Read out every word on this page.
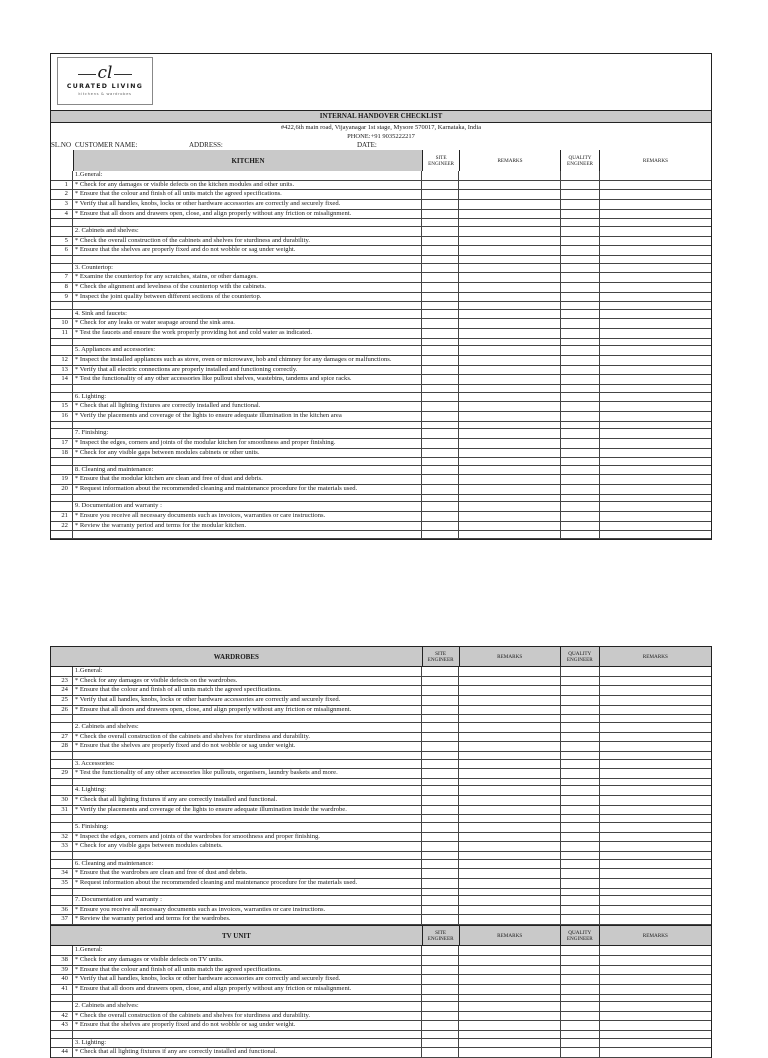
cl
CURATED LIVING
kitchens & wardrobes
INTERNAL HANDOVER CHECKLIST
#422,6th main road, Vijayanagar 1st stage, Mysore 570017, Karnataka, India
PHONE:+91 9035222217
SL.NO CUSTOMER NAME:	ADDRESS:	DATE:
KITCHEN	SITE ENGINEER	REMARKS	QUALITY ENGINEER	REMARKS
1.General:
1	* Check for any damages or visible defects on the kitchen modules and other units.
2	* Ensure that the colour and finish of all units match the agreed specifications.
3	* Verify that all handles, knobs, locks or other hardware accessories are correctly and securely fixed.
4	* Ensure that all doors and drawers open, close, and align properly without any friction or misalignment.
2. Cabinets and shelves:
5	* Check the overall construction of the cabinets and shelves for sturdiness and durability.
6	* Ensure that the shelves are properly fixed and do not wobble or sag under weight.
3. Countertop:
7	* Examine the countertop for any scratches, stains, or other damages.
8	* Check the alignment and levelness of the countertop with the cabinets.
9	* Inspect the joint quality between different sections of the countertop.
4. Sink and faucets:
10	* Check for any leaks or water seapage around the sink area.
11	* Test the faucets and ensure the work properly providing hot and cold water as indicated.
5. Appliances and accessories:
12	* Inspect the installed appliances such as stove, oven or microwave, hob and chimney for any damages or malfunctions.
13	* Verify that all electric connections are properly installed and functioning correctly.
14	* Test the functionality of any other accessories like pullout shelves, wastebins, tandems and spice racks.
6. Lighting:
15	* Check that all lighting fixtures are correctly installed and functional.
16	* Verify the placements and coverage of the lights to ensure adequate illumination in the kitchen area
7. Finishing:
17	* Inspect the edges, corners and joints of the modular kitchen for smoothness and proper finishing.
18	* Check for any visible gaps between modules cabinets or other units.
8. Cleaning and maintenance:
19	* Ensure that the modular kitchen are clean and free of dust and debris.
20	* Request information about the recommended cleaning and maintenance procedure for the materials used.
9. Documentation and warranty :
21	* Ensure you receive all necessary documents such as invoices, warranties or care instructions.
22	* Review the warranty period and terms for the modular kitchen.
WARDROBES	SITE ENGINEER	REMARKS	QUALITY ENGINEER	REMARKS
1.General:
23	* Check for any damages or visible defects on the wardrobes.
24	* Ensure that the colour and finish of all units match the agreed specifications.
25	* Verify that all handles, knobs, locks or other hardware accessories are correctly and securely fixed.
26	* Ensure that all doors and drawers open, close, and align properly without any friction or misalignment.
2. Cabinets and shelves:
27	* Check the overall construction of the cabinets and shelves for sturdiness and durability.
28	* Ensure that the shelves are properly fixed and do not wobble or sag under weight.
3. Accessories:
29	* Test the functionality of any other accessories like pullouts, organisers, laundry baskets and more.
4. Lighting:
30	* Check that all lighting fixtures if any are correctly installed and functional.
31	* Verify the placements and coverage of the lights to ensure adequate illumination inside the wardrobe.
5. Finishing:
32	* Inspect the edges, corners and joints of the wardrobes for smoothness and proper finishing.
33	* Check for any visible gaps between modules cabinets.
6. Cleaning and maintenance:
34	* Ensure that the wardrobes are clean and free of dust and debris.
35	* Request information about the recommended cleaning and maintenance procedure for the materials used.
7. Documentation and warranty :
36	* Ensure you receive all necessary documents such as invoices, warranties or care instructions.
37	* Review the warranty period and terms for the wardrobes.
TV UNIT	SITE ENGINEER	REMARKS	QUALITY ENGINEER	REMARKS
1.General:
38	* Check for any damages or visible defects on TV units.
39	* Ensure that the colour and finish of all units match the agreed specifications.
40	* Verify that all handles, knobs, locks or other hardware accessories are correctly and securely fixed.
41	* Ensure that all doors and drawers open, close, and align properly without any friction or misalignment.
2. Cabinets and shelves:
42	* Check the overall construction of the cabinets and shelves for sturdiness and durability.
43	* Ensure that the shelves are properly fixed and do not wobble or sag under weight.
3. Lighting:
44	* Check that all lighting fixtures if any are correctly installed and functional.
